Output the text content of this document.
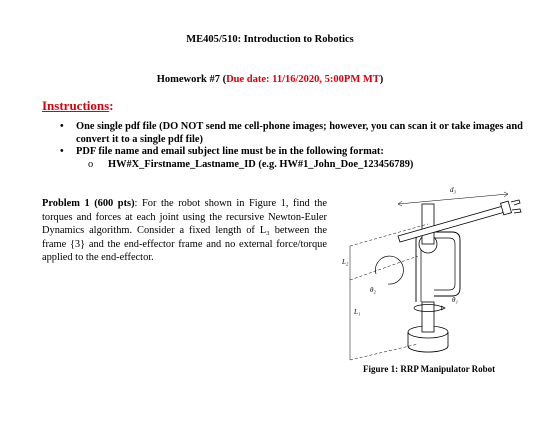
ME405/510: Introduction to Robotics
Homework #7 (Due date: 11/16/2020, 5:00PM MT)
Instructions:
• One single pdf file (DO NOT send me cell-phone images; however, you can scan it or take images and convert it to a single pdf file)
• PDF file name and email subject line must be in the following format:
o HW#X_Firstname_Lastname_ID (e.g. HW#1_John_Doe_123456789)
Problem 1 (600 pts): For the robot shown in Figure 1, find the torques and forces at each joint using the recursive Newton-Euler Dynamics algorithm. Consider a fixed length of L₃ between the frame {3} and the end-effector frame and no external force/torque applied to the end-effector.
d₃
θ₂
θ₁
L₂
L₁
Figure 1: RRP Manipulator Robot
